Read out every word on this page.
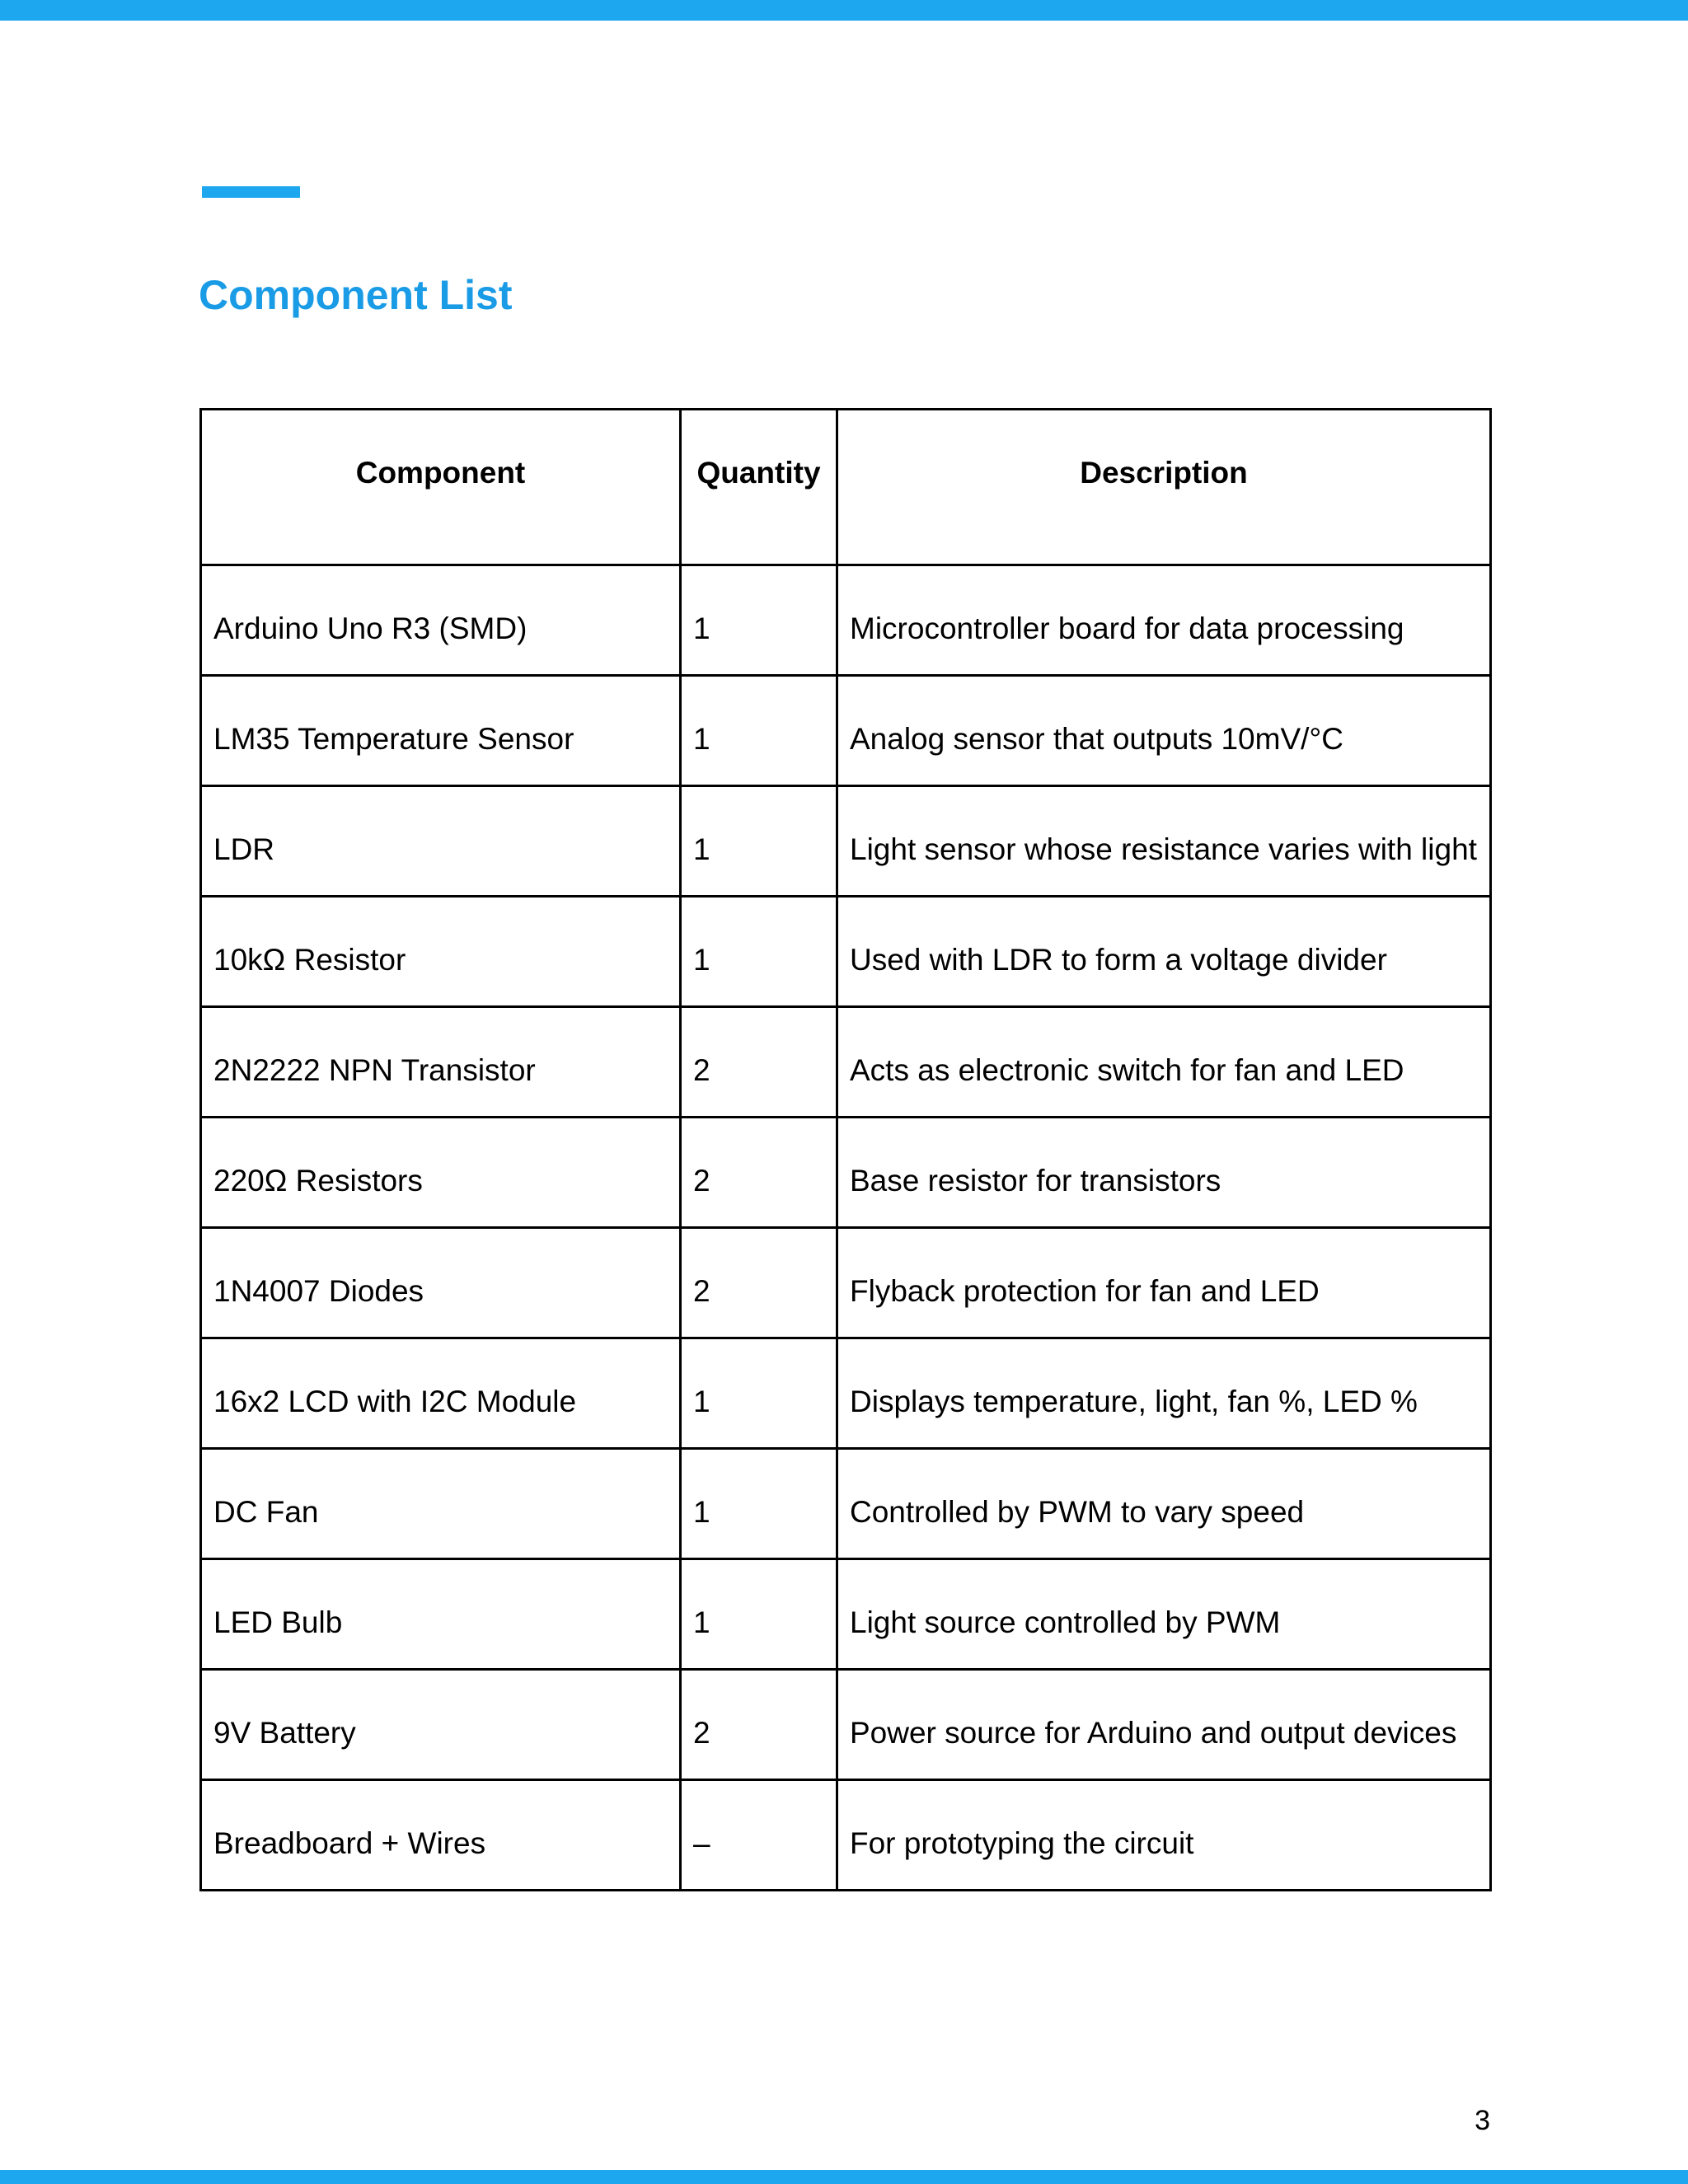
Component List
Component	Quantity	Description
Arduino Uno R3 (SMD)	1	Microcontroller board for data processing
LM35 Temperature Sensor	1	Analog sensor that outputs 10mV/°C
LDR	1	Light sensor whose resistance varies with light
10kΩ Resistor	1	Used with LDR to form a voltage divider
2N2222 NPN Transistor	2	Acts as electronic switch for fan and LED
220Ω Resistors	2	Base resistor for transistors
1N4007 Diodes	2	Flyback protection for fan and LED
16x2 LCD with I2C Module	1	Displays temperature, light, fan %, LED %
DC Fan	1	Controlled by PWM to vary speed
LED Bulb	1	Light source controlled by PWM
9V Battery	2	Power source for Arduino and output devices
Breadboard + Wires	–	For prototyping the circuit
3
